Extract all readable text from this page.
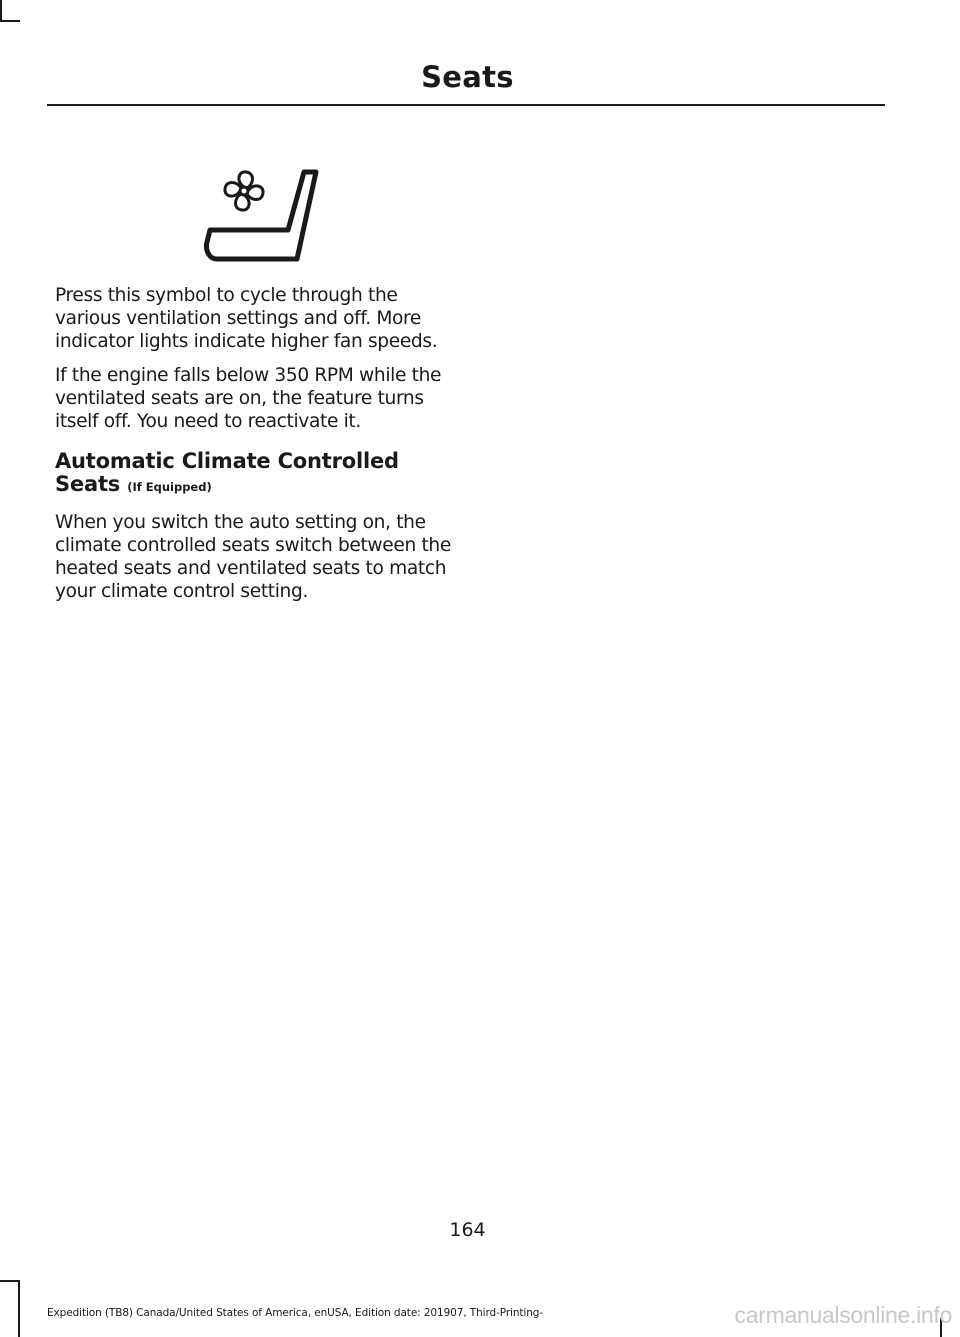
Seats

Press this symbol to cycle through the various ventilation settings and off. More indicator lights indicate higher fan speeds.

If the engine falls below 350 RPM while the ventilated seats are on, the feature turns itself off. You need to reactivate it.

Automatic Climate Controlled Seats (If Equipped)

When you switch the auto setting on, the climate controlled seats switch between the heated seats and ventilated seats to match your climate control setting.

164
Expedition (TB8) Canada/United States of America, enUSA, Edition date: 201907, Third-Printing-	carmanualsonline.info
